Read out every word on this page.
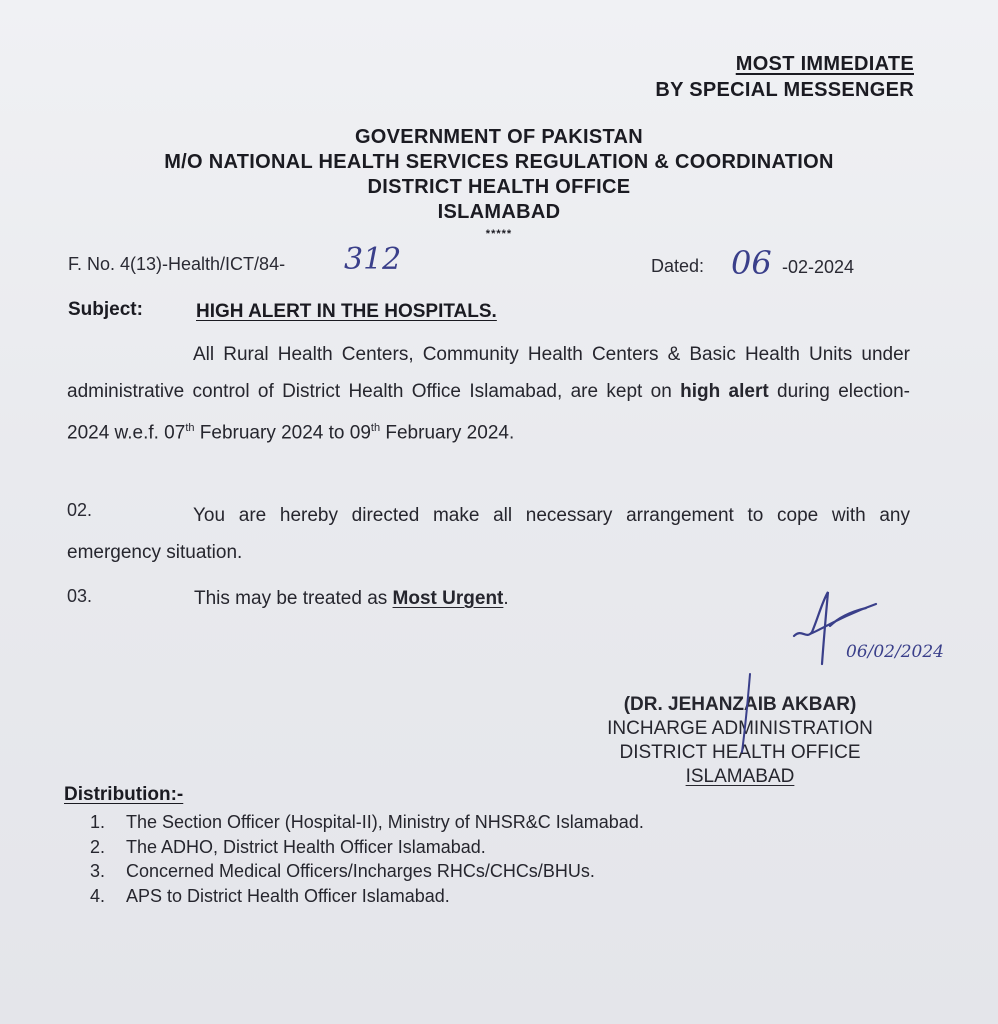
MOST IMMEDIATE
BY SPECIAL MESSENGER
GOVERNMENT OF PAKISTAN
M/O NATIONAL HEALTH SERVICES REGULATION & COORDINATION
DISTRICT HEALTH OFFICE
ISLAMABAD
*****
F. No. 4(13)-Health/ICT/84- 312	Dated: 06 -02-2024
Subject:	HIGH ALERT IN THE HOSPITALS.
All Rural Health Centers, Community Health Centers & Basic Health Units under administrative control of District Health Office Islamabad, are kept on high alert during election-2024 w.e.f. 07th February 2024 to 09th February 2024.
02.	You are hereby directed make all necessary arrangement to cope with any emergency situation.
03.	This may be treated as Most Urgent.
06/02/2024
(DR. JEHANZAIB AKBAR)
INCHARGE ADMINISTRATION
DISTRICT HEALTH OFFICE
ISLAMABAD
Distribution:-
1. The Section Officer (Hospital-II), Ministry of NHSR&C Islamabad.
2. The ADHO, District Health Officer Islamabad.
3. Concerned Medical Officers/Incharges RHCs/CHCs/BHUs.
4. APS to District Health Officer Islamabad.
